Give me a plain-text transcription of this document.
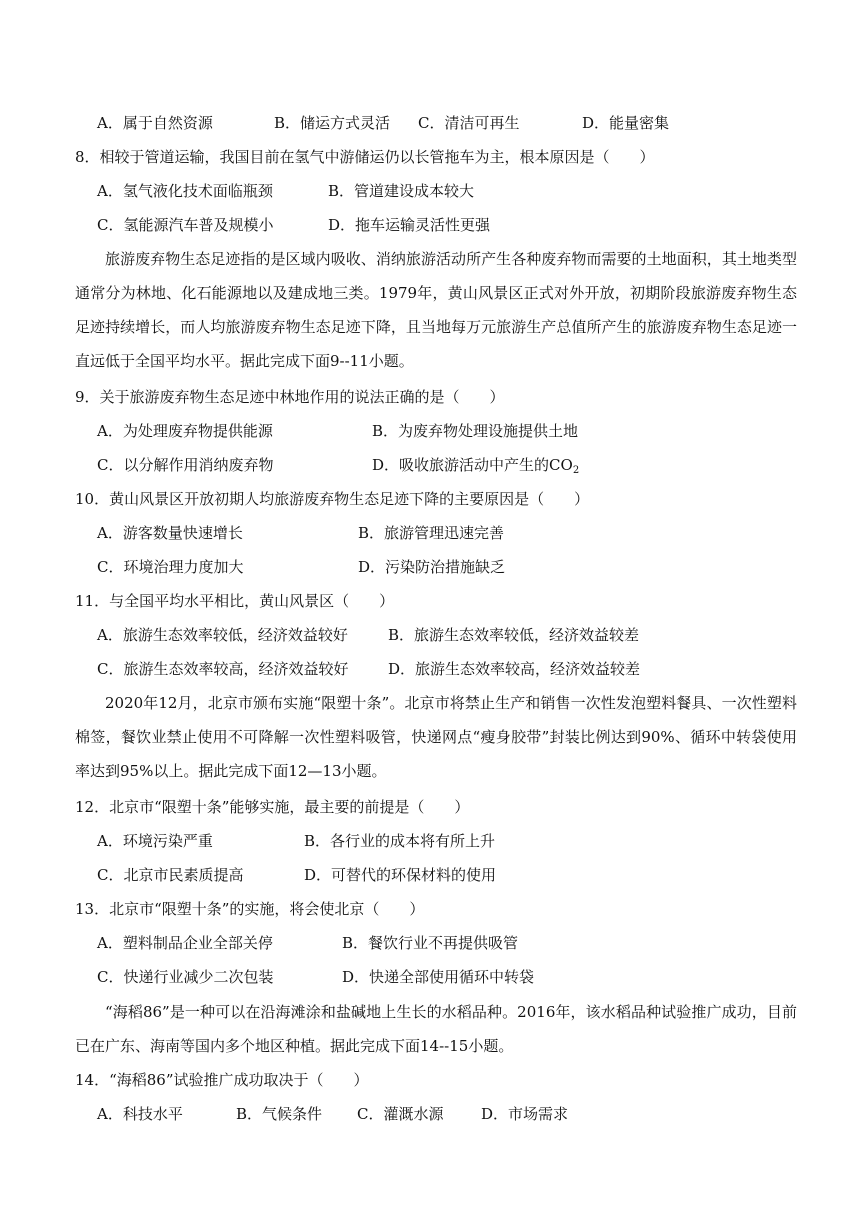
A．属于自然资源	B．储运方式灵活 C．清洁可再生	D．能量密集
8．相较于管道运输，我国目前在氢气中游储运仍以长管拖车为主，根本原因是（　　）
A．氢气液化技术面临瓶颈	B．管道建设成本较大
C．氢能源汽车普及规模小	D．拖车运输灵活性更强
旅游废弃物生态足迹指的是区域内吸收、消纳旅游活动所产生各种废弃物而需要的土地面积，其土地类型通常分为林地、化石能源地以及建成地三类。1979年，黄山风景区正式对外开放，初期阶段旅游废弃物生态足迹持续增长，而人均旅游废弃物生态足迹下降，且当地每万元旅游生产总值所产生的旅游废弃物生态足迹一直远低于全国平均水平。据此完成下面9--11小题。
9．关于旅游废弃物生态足迹中林地作用的说法正确的是（　　）
A．为处理废弃物提供能源	B．为废弃物处理设施提供土地
C．以分解作用消纳废弃物	D．吸收旅游活动中产生的$CO_2$
10．黄山风景区开放初期人均旅游废弃物生态足迹下降的主要原因是（　　）
A．游客数量快速增长	B．旅游管理迅速完善
C．环境治理力度加大	D．污染防治措施缺乏
11．与全国平均水平相比，黄山风景区（　　）
A．旅游生态效率较低，经济效益较好	B．旅游生态效率较低，经济效益较差
C．旅游生态效率较高，经济效益较好	D．旅游生态效率较高，经济效益较差
2020年12月，北京市颁布实施“限塑十条”。北京市将禁止生产和销售一次性发泡塑料餐具、一次性塑料棉签，餐饮业禁止使用不可降解一次性塑料吸管，快递网点“瘦身胶带”封装比例达到90%、循环中转袋使用率达到95%以上。据此完成下面12—13小题。
12．北京市“限塑十条”能够实施，最主要的前提是（　　）
A．环境污染严重	B．各行业的成本将有所上升
C．北京市民素质提高	D．可替代的环保材料的使用
13．北京市“限塑十条”的实施，将会使北京（　　）
A．塑料制品企业全部关停	B．餐饮行业不再提供吸管
C．快递行业减少二次包装	D．快递全部使用循环中转袋
“海稻86”是一种可以在沿海滩涂和盐碱地上生长的水稻品种。2016年，该水稻品种试验推广成功，目前已在广东、海南等国内多个地区种植。据此完成下面14--15小题。
14．“海稻86”试验推广成功取决于（　　）
A．科技水平	B．气候条件 C．灌溉水源	D．市场需求
